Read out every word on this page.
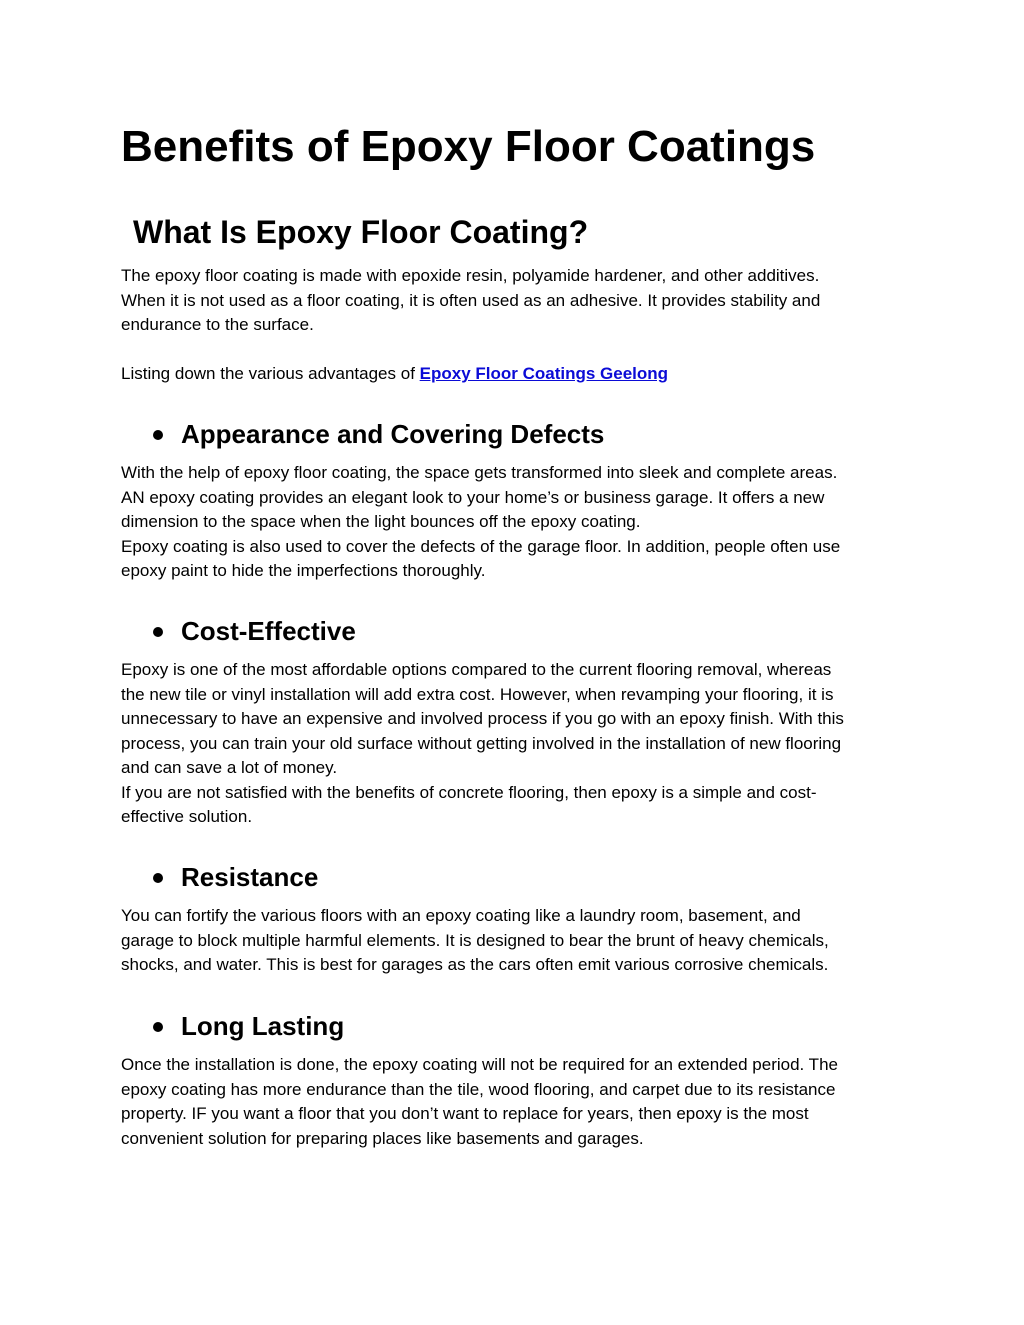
Benefits of Epoxy Floor Coatings
What Is Epoxy Floor Coating?

The epoxy floor coating is made with epoxide resin, polyamide hardener, and other additives.
When it is not used as a floor coating, it is often used as an adhesive. It provides stability and
endurance to the surface.

Listing down the various advantages of Epoxy Floor Coatings Geelong

Appearance and Covering Defects

With the help of epoxy floor coating, the space gets transformed into sleek and complete areas.
AN epoxy coating provides an elegant look to your home’s or business garage. It offers a new
dimension to the space when the light bounces off the epoxy coating.
Epoxy coating is also used to cover the defects of the garage floor. In addition, people often use
epoxy paint to hide the imperfections thoroughly.

Cost-Effective

Epoxy is one of the most affordable options compared to the current flooring removal, whereas
the new tile or vinyl installation will add extra cost. However, when revamping your flooring, it is
unnecessary to have an expensive and involved process if you go with an epoxy finish. With this
process, you can train your old surface without getting involved in the installation of new flooring
and can save a lot of money.
If you are not satisfied with the benefits of concrete flooring, then epoxy is a simple and cost-
effective solution.

Resistance

You can fortify the various floors with an epoxy coating like a laundry room, basement, and
garage to block multiple harmful elements. It is designed to bear the brunt of heavy chemicals,
shocks, and water. This is best for garages as the cars often emit various corrosive chemicals.

Long Lasting

Once the installation is done, the epoxy coating will not be required for an extended period. The
epoxy coating has more endurance than the tile, wood flooring, and carpet due to its resistance
property. IF you want a floor that you don’t want to replace for years, then epoxy is the most
convenient solution for preparing places like basements and garages.
